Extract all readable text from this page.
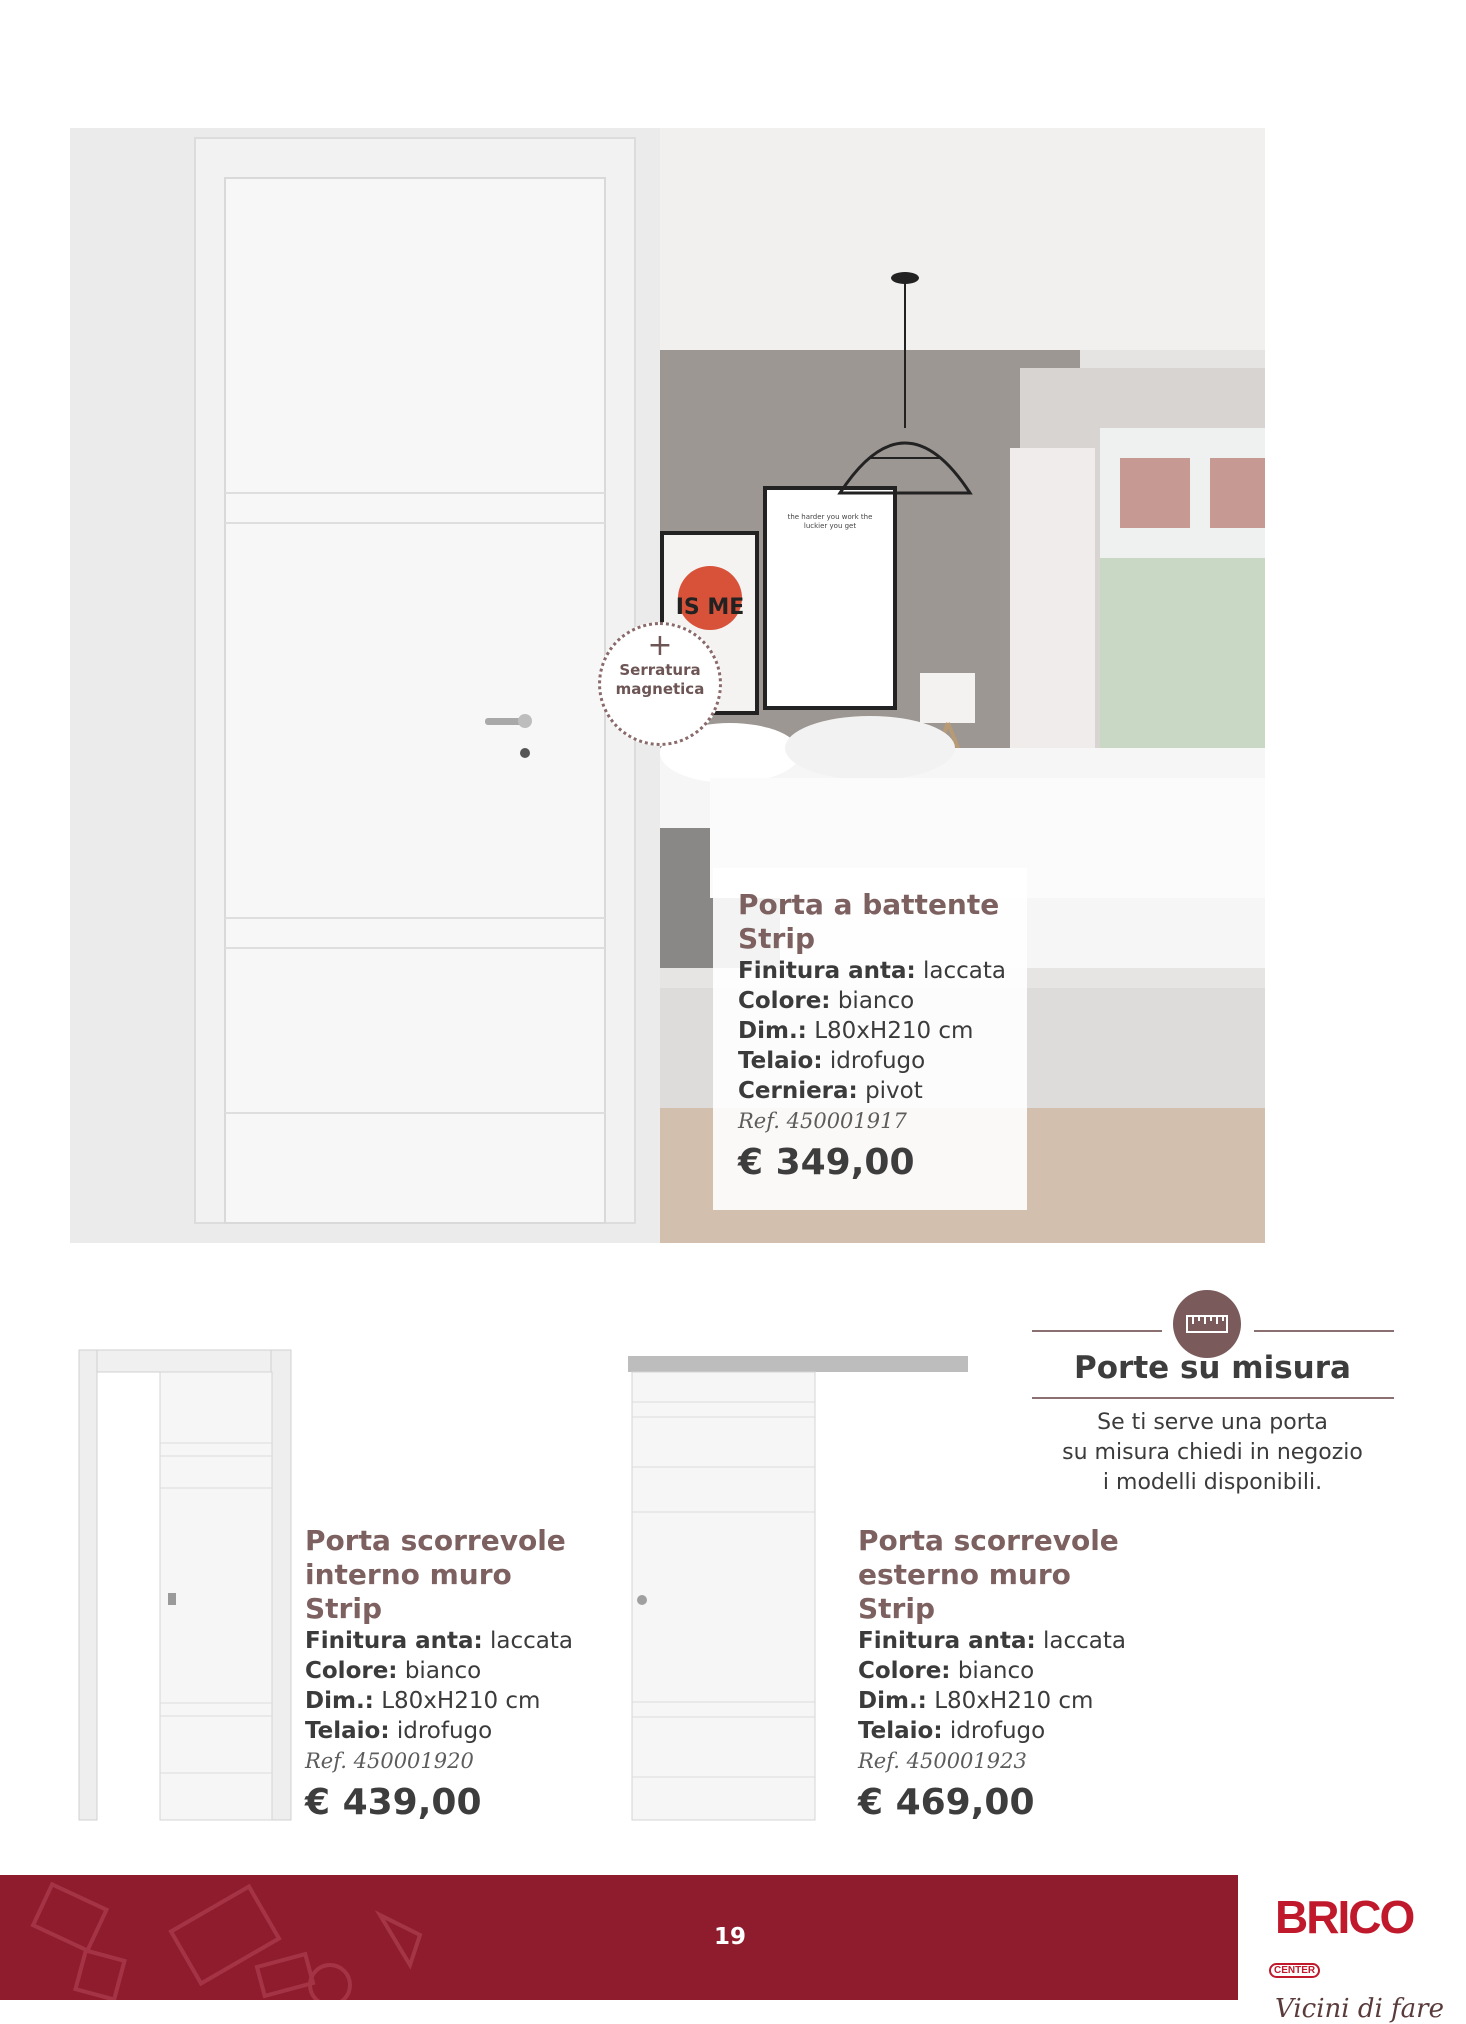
IS ME
the harder you work the luckier you get
+
Serratura
magnetica
Porta a battente
Strip
Finitura anta: laccata
Colore: bianco
Dim.: L80xH210 cm
Telaio: idrofugo
Cerniera: pivot
Ref. 450001917
€ 349,00
Porta scorrevole
interno muro
Strip
Finitura anta: laccata
Colore: bianco
Dim.: L80xH210 cm
Telaio: idrofugo
Ref. 450001920
€ 439,00
Porta scorrevole
esterno muro
Strip
Finitura anta: laccata
Colore: bianco
Dim.: L80xH210 cm
Telaio: idrofugo
Ref. 450001923
€ 469,00
Porte su misura
Se ti serve una porta
su misura chiedi in negozio
i modelli disponibili.
19	BRICOCENTER
Vicini di fare
